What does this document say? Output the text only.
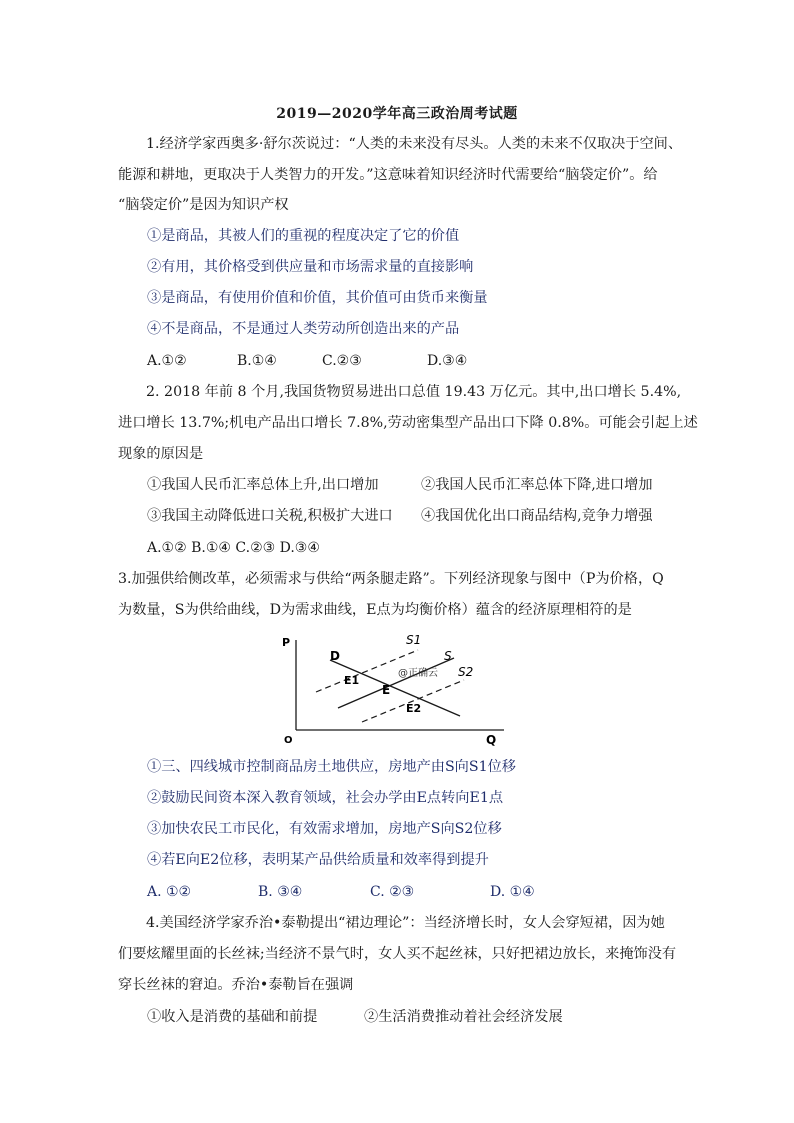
2019—2020学年高三政治周考试题
1.经济学家西奥多·舒尔茨说过：“人类的未来没有尽头。人类的未来不仅取决于空间、
能源和耕地，更取决于人类智力的开发。”这意味着知识经济时代需要给“脑袋定价”。给
“脑袋定价”是因为知识产权
①是商品，其被人们的重视的程度决定了它的价值
②有用，其价格受到供应量和市场需求量的直接影响
③是商品，有使用价值和价值，其价值可由货币来衡量
④不是商品，不是通过人类劳动所创造出来的产品
A.①②	B.①④	C.②③	D.③④
2. 2018 年前 8 个月,我国货物贸易进出口总值 19.43 万亿元。其中,出口增长 5.4%,
进口增长 13.7%;机电产品出口增长 7.8%,劳动密集型产品出口下降 0.8%。可能会引起上述
现象的原因是
①我国人民币汇率总体上升,出口增加	②我国人民币汇率总体下降,进口增加
③我国主动降低进口关税,积极扩大进口 ④我国优化出口商品结构,竞争力增强
A.①② B.①④ C.②③ D.③④
3.加强供给侧改革，必须需求与供给“两条腿走路”。下列经济现象与图中（P为价格，Q
为数量，S为供给曲线，D为需求曲线，E点为均衡价格）蕴含的经济原理相符的是
P
Q
O
D
S1
S
S2
E1
E
E2
@正确云
①三、四线城市控制商品房土地供应，房地产由S向S1位移
②鼓励民间资本深入教育领域，社会办学由E点转向E1点
③加快农民工市民化，有效需求增加，房地产S向S2位移
④若E向E2位移，表明某产品供给质量和效率得到提升
A. ①②	B. ③④	C. ②③	D. ①④
4.美国经济学家乔治•泰勒提出“裙边理论”：当经济增长时，女人会穿短裙，因为她
们要炫耀里面的长丝袜;当经济不景气时，女人买不起丝袜，只好把裙边放长，来掩饰没有
穿长丝袜的窘迫。乔治•泰勒旨在强调
①收入是消费的基础和前提	②生活消费推动着社会经济发展
